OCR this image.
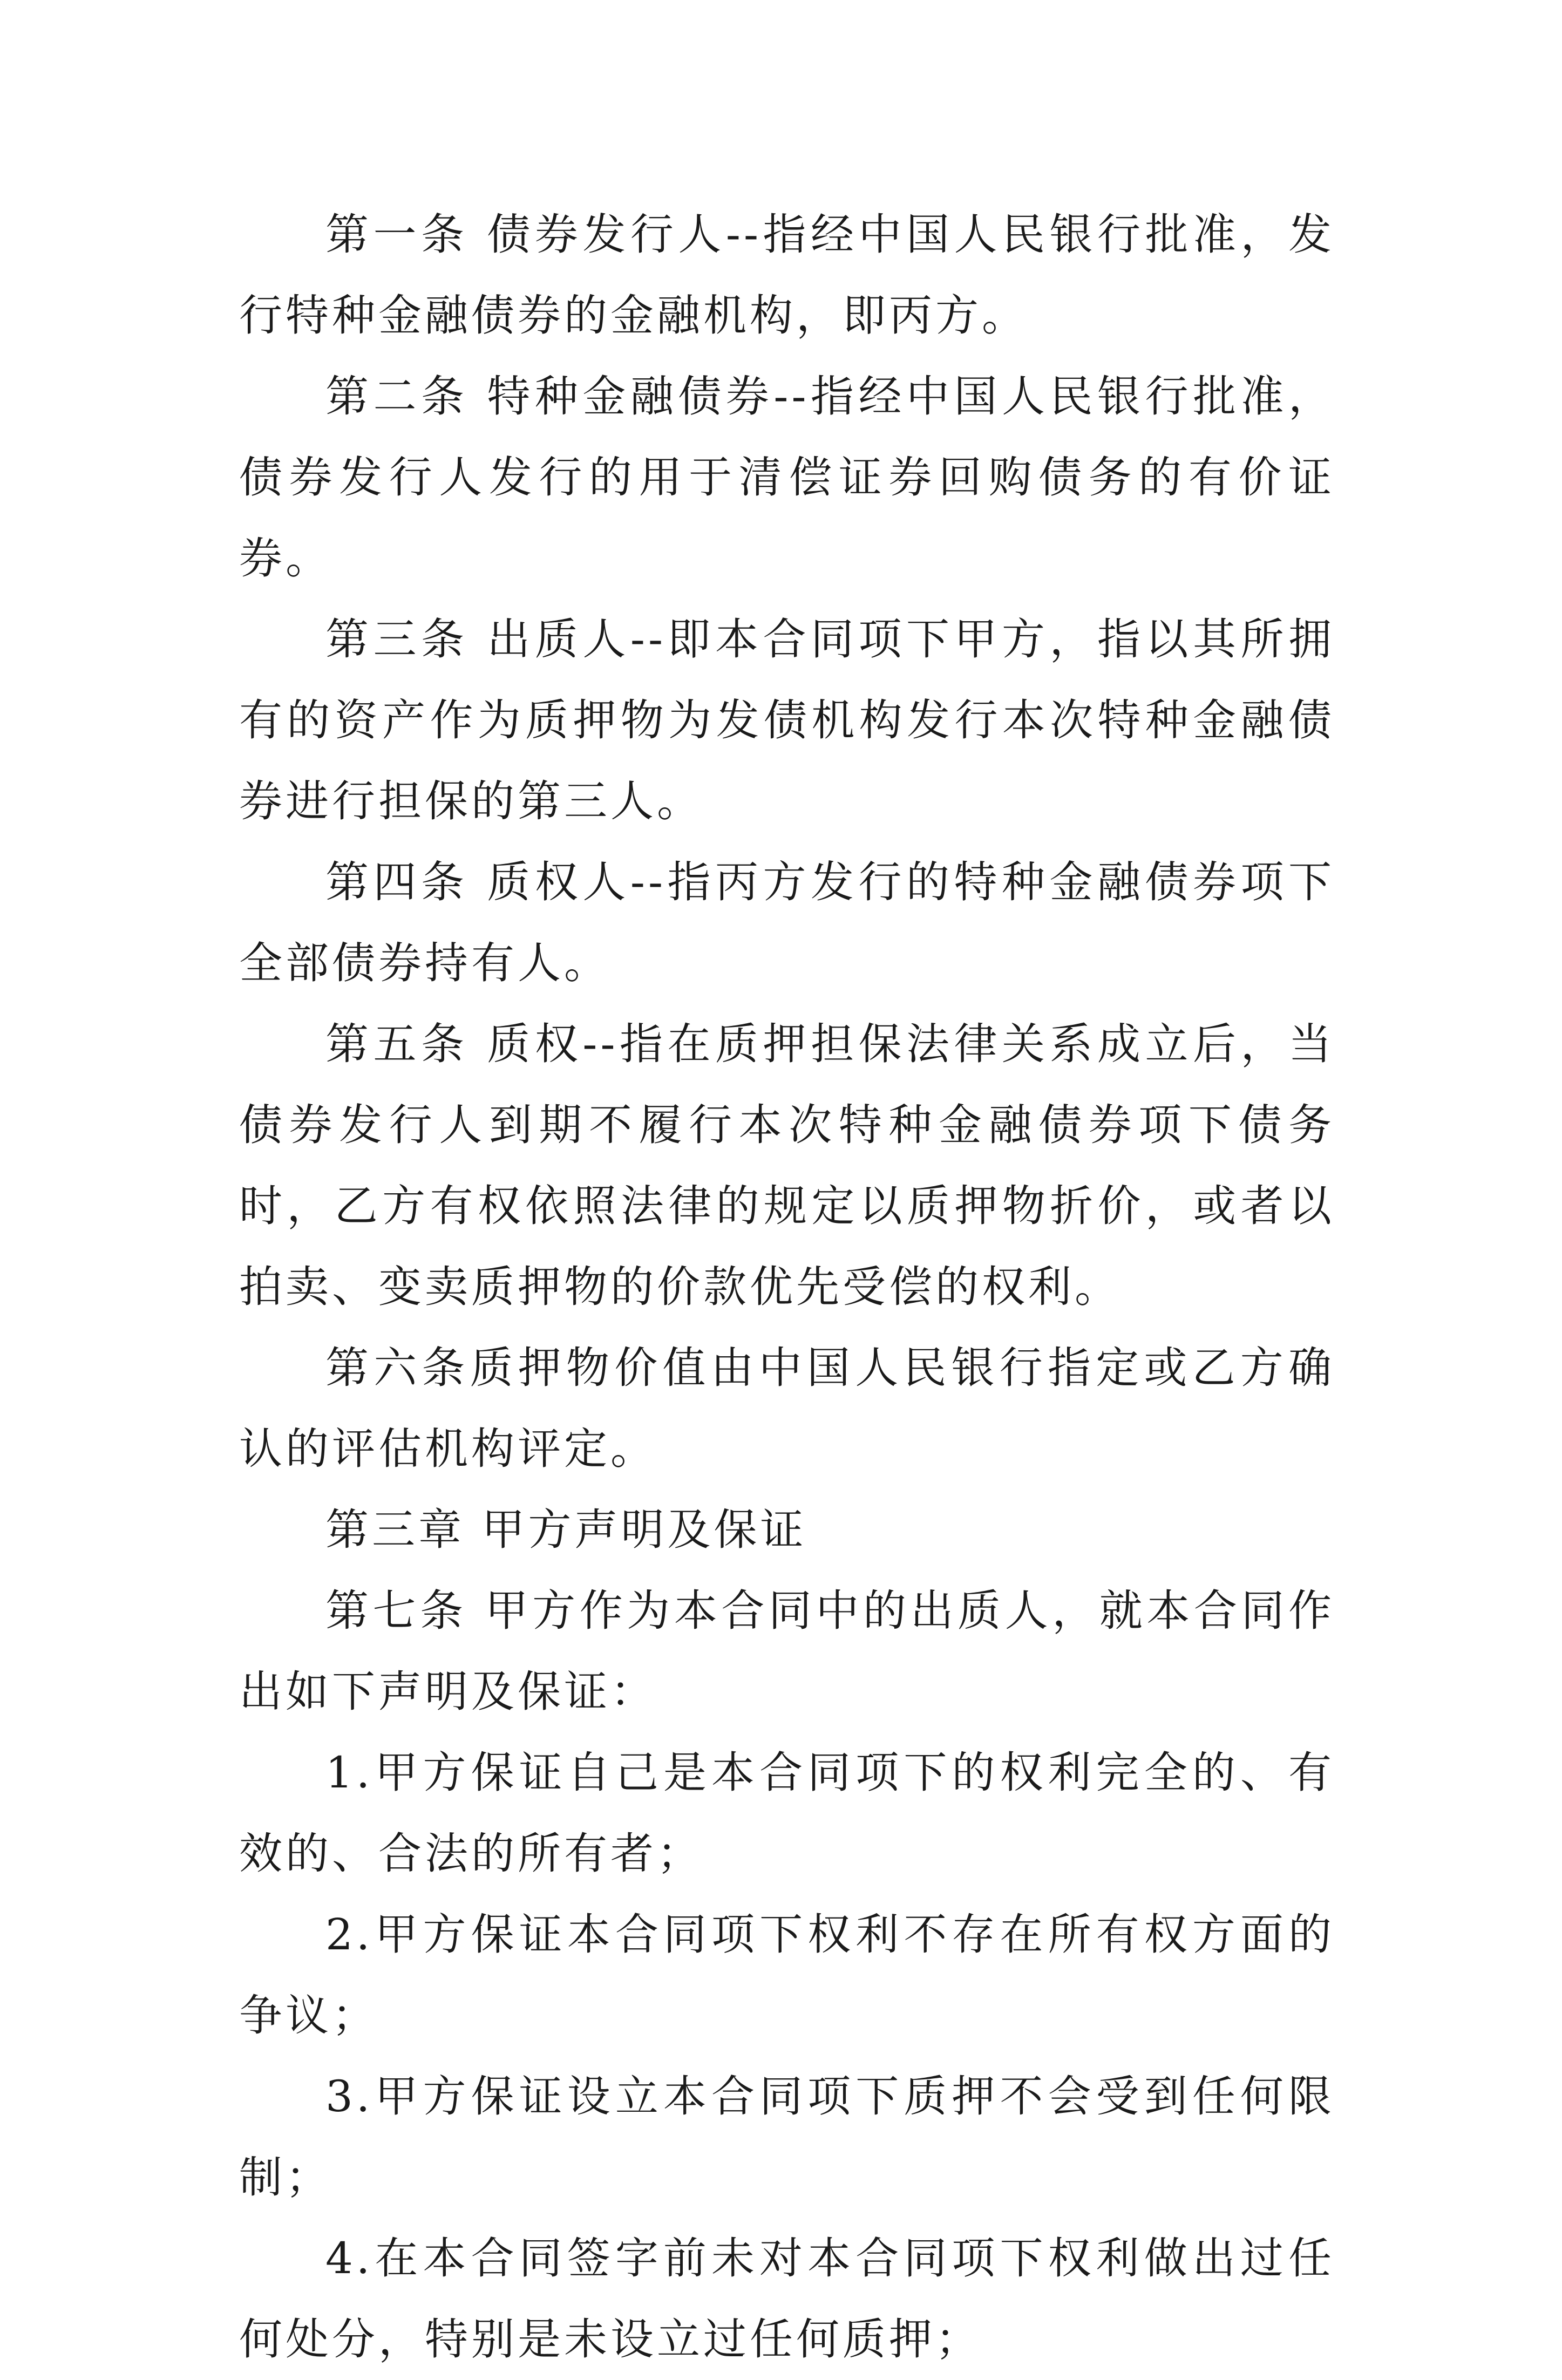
第一条 债券发行人--指经中国人民银行批准，发行特种金融债券的金融机构，即丙方。

第二条 特种金融债券--指经中国人民银行批准，债券发行人发行的用于清偿证券回购债务的有价证券。

第三条 出质人--即本合同项下甲方，指以其所拥有的资产作为质押物为发债机构发行本次特种金融债券进行担保的第三人。

第四条 质权人--指丙方发行的特种金融债券项下全部债券持有人。

第五条 质权--指在质押担保法律关系成立后，当债券发行人到期不履行本次特种金融债券项下债务时，乙方有权依照法律的规定以质押物折价，或者以拍卖、变卖质押物的价款优先受偿的权利。

第六条质押物价值由中国人民银行指定或乙方确认的评估机构评定。

第三章 甲方声明及保证

第七条 甲方作为本合同中的出质人，就本合同作出如下声明及保证：

1.甲方保证自己是本合同项下的权利完全的、有效的、合法的所有者；

2.甲方保证本合同项下权利不存在所有权方面的争议；

3.甲方保证设立本合同项下质押不会受到任何限制；

4.在本合同签字前未对本合同项下权利做出过任何处分，特别是未设立过任何质押；
